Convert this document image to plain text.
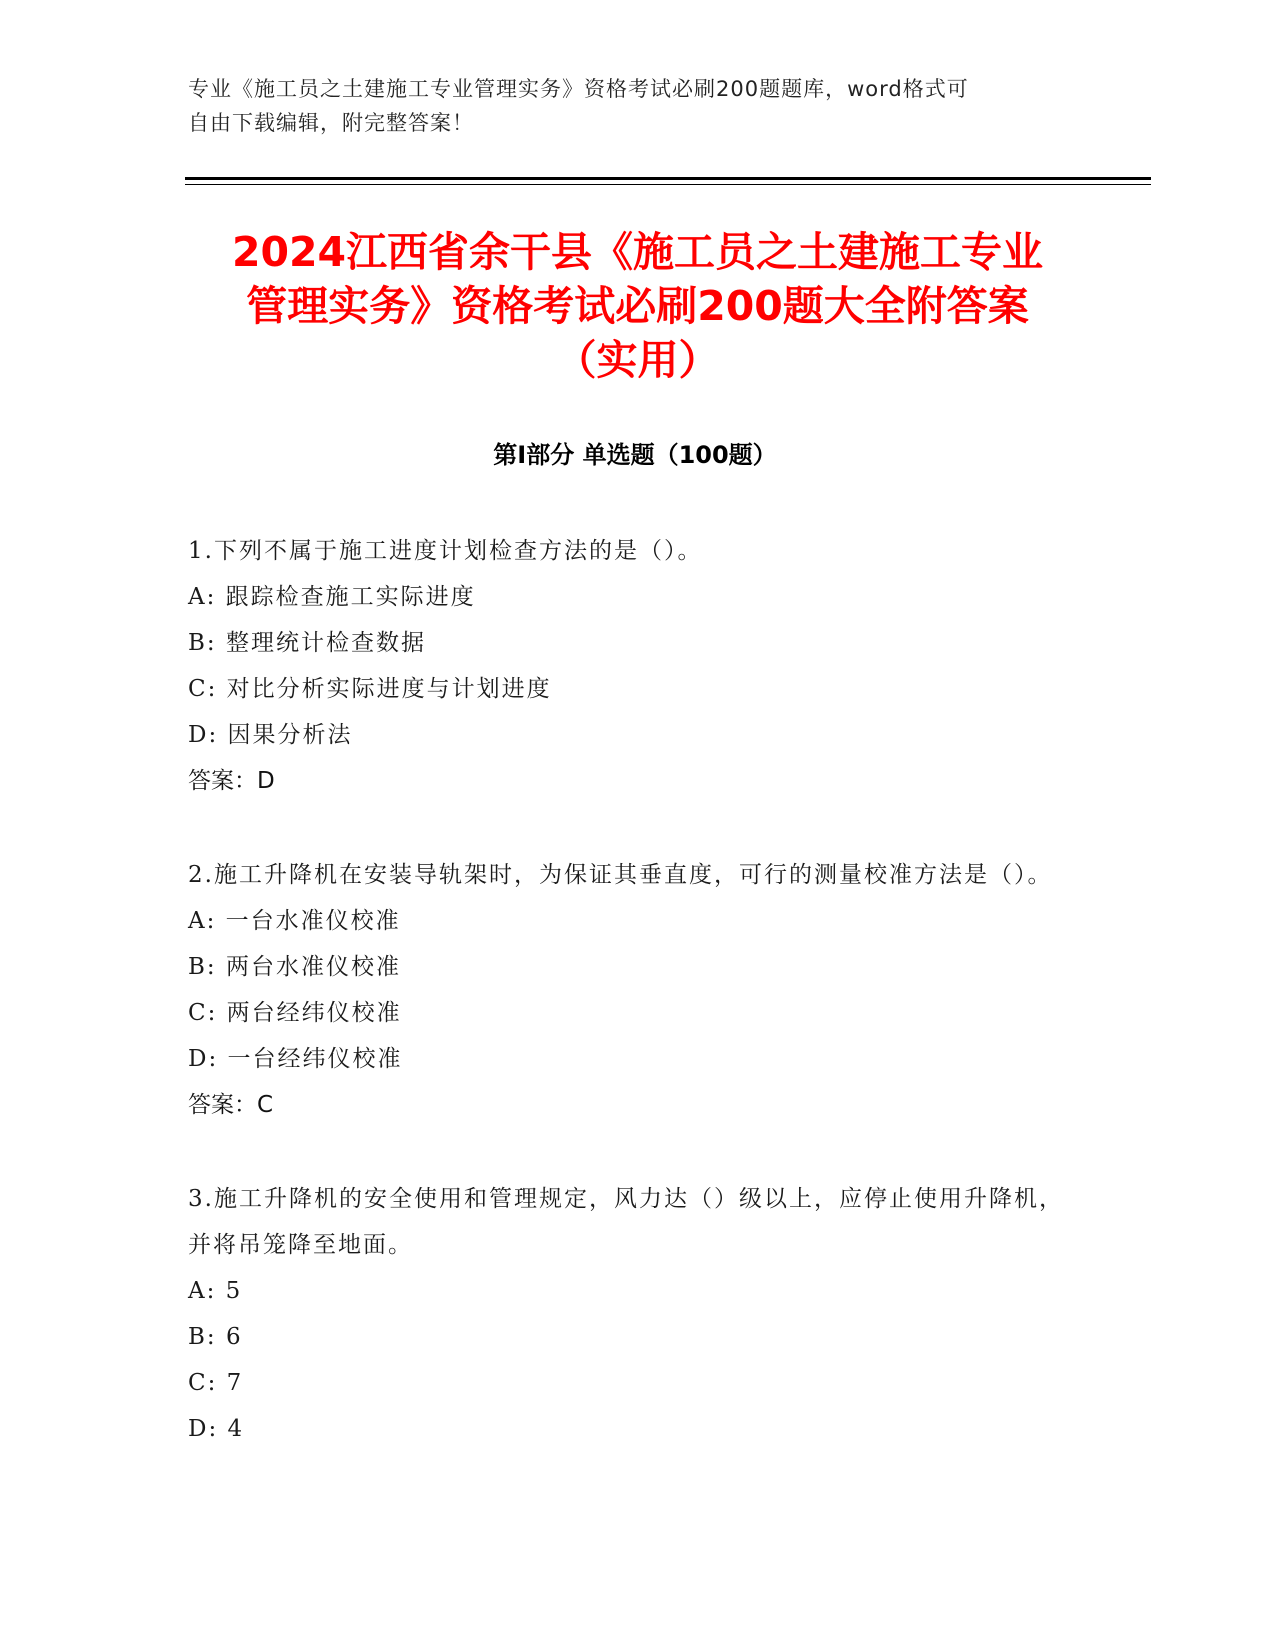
专业《施工员之土建施工专业管理实务》资格考试必刷200题题库，word格式可
自由下载编辑，附完整答案！
2024江西省余干县《施工员之土建施工专业
管理实务》资格考试必刷200题大全附答案
（实用）
第Ⅰ部分 单选题（100题）
1.下列不属于施工进度计划检查方法的是（）。
A: 跟踪检查施工实际进度
B: 整理统计检查数据
C: 对比分析实际进度与计划进度
D: 因果分析法
答案：D
2.施工升降机在安装导轨架时，为保证其垂直度，可行的测量校准方法是（）。
A: 一台水准仪校准
B: 两台水准仪校准
C: 两台经纬仪校准
D: 一台经纬仪校准
答案：C
3.施工升降机的安全使用和管理规定，风力达（）级以上，应停止使用升降机，并将吊笼降至地面。
A: 5
B: 6
C: 7
D: 4
